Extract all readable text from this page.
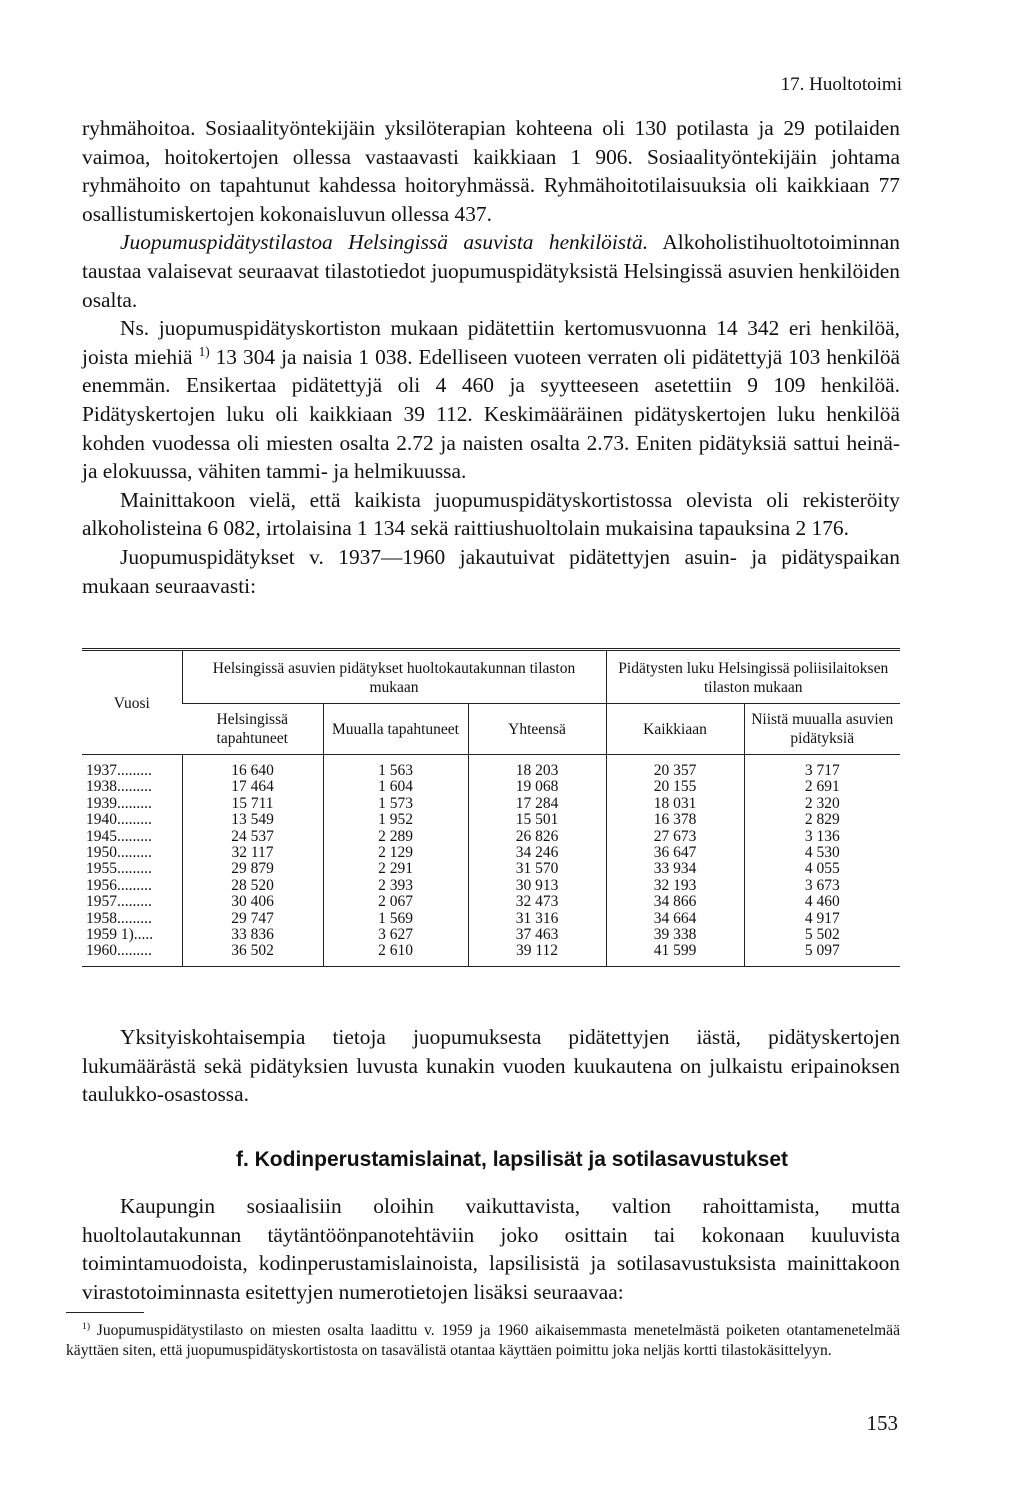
17. Huoltotoimi

ryhmähoitoa. Sosiaalityöntekijäin yksilöterapian kohteena oli 130 potilasta ja 29 potilaiden vaimoa, hoitokertojen ollessa vastaavasti kaikkiaan 1 906. Sosiaalityöntekijäin johtama ryhmähoito on tapahtunut kahdessa hoitoryhmässä. Ryhmähoitotilaisuuksia oli kaikkiaan 77 osallistumiskertojen kokonaisluvun ollessa 437.

Juopumuspidätystilastoa Helsingissä asuvista henkilöistä. Alkoholistihuoltotoiminnan taustaa valaisevat seuraavat tilastotiedot juopumuspidätyksistä Helsingissä asuvien henkilöiden osalta.

Ns. juopumuspidätyskortiston mukaan pidätettiin kertomusvuonna 14 342 eri henkilöä, joista miehiä $^{1)}$ 13 304 ja naisia 1 038. Edelliseen vuoteen verraten oli pidätettyjä 103 henkilöä enemmän. Ensikertaa pidätettyjä oli 4 460 ja syytteeseen asetettiin 9 109 henkilöä. Pidätyskertojen luku oli kaikkiaan 39 112. Keskimääräinen pidätyskertojen luku henkilöä kohden vuodessa oli miesten osalta 2.72 ja naisten osalta 2.73. Eniten pidätyksiä sattui heinä- ja elokuussa, vähiten tammi- ja helmikuussa.

Mainittakoon vielä, että kaikista juopumuspidätyskortistossa olevista oli rekisteröity alkoholisteina 6 082, irtolaisina 1 134 sekä raittiushuoltolain mukaisina tapauksina 2 176.

Juopumuspidätykset v. 1937—1960 jakautuivat pidätettyjen asuin- ja pidätyspaikan mukaan seuraavasti:

Vuosi	Helsingissä asuvien pidätykset huoltokautakunnan tilaston mukaan			Pidätysten luku Helsingissä poliisilaitoksen tilaston mukaan	
	Helsingissä tapahtuneet	Muualla tapahtuneet	Yhteensä	Kaikkiaan	Niistä muualla asuvien pidätyksiä
1937.........	16 640	1 563	18 203	20 357	3 717
1938.........	17 464	1 604	19 068	20 155	2 691
1939.........	15 711	1 573	17 284	18 031	2 320
1940.........	13 549	1 952	15 501	16 378	2 829
1945.........	24 537	2 289	26 826	27 673	3 136
1950.........	32 117	2 129	34 246	36 647	4 530
1955.........	29 879	2 291	31 570	33 934	4 055
1956.........	28 520	2 393	30 913	32 193	3 673
1957.........	30 406	2 067	32 473	34 866	4 460
1958.........	29 747	1 569	31 316	34 664	4 917
1959 1).....	33 836	3 627	37 463	39 338	5 502
1960.........	36 502	2 610	39 112	41 599	5 097

Yksityiskohtaisempia tietoja juopumuksesta pidätettyjen iästä, pidätyskertojen lukumäärästä sekä pidätyksien luvusta kunakin vuoden kuukautena on julkaistu eripainoksen taulukko-osastossa.

f. Kodinperustamislainat, lapsilisät ja sotilasavustukset

Kaupungin sosiaalisiin oloihin vaikuttavista, valtion rahoittamista, mutta huoltolautakunnan täytäntöönpanotehtäviin joko osittain tai kokonaan kuuluvista toimintamuodoista, kodinperustamislainoista, lapsilisistä ja sotilasavustuksista mainittakoon virastotoiminnasta esitettyjen numerotietojen lisäksi seuraavaa:

$^{1)}$ Juopumuspidätystilasto on miesten osalta laadittu v. 1959 ja 1960 aikaisemmasta menetelmästä poiketen otantamenetelmää käyttäen siten, että juopumuspidätyskortistosta on tasavälistä otantaa käyttäen poimittu joka neljäs kortti tilastokäsittelyyn.

153
